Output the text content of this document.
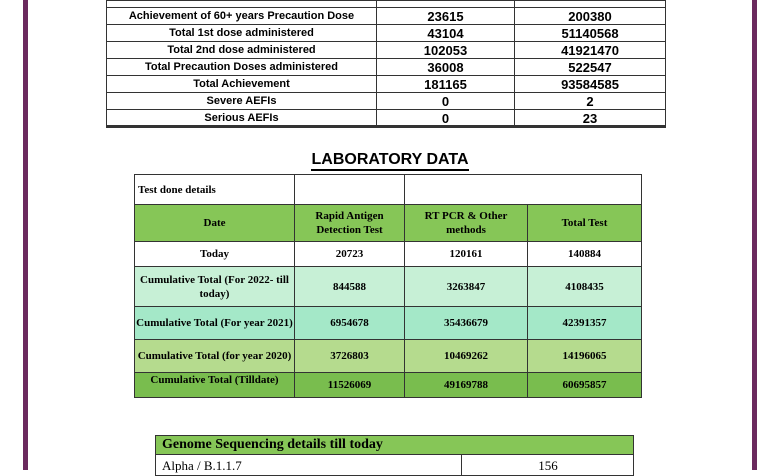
Achievement of 60+ years Precaution Dose	23615	200380
Total 1st dose administered	43104	51140568
Total 2nd dose administered	102053	41921470
Total Precaution Doses administered	36008	522547
Total Achievement	181165	93584585
Severe AEFIs	0	2
Serious AEFIs	0	23
LABORATORY DATA
Test done details			
Date	Rapid Antigen Detection Test	RT PCR & Other methods	Total Test
Today	20723	120161	140884
Cumulative Total (For 2022- till today)	844588	3263847	4108435
Cumulative Total (For year 2021)	6954678	35436679	42391357
Cumulative Total (for year 2020)	3726803	10469262	14196065

Cumulative Total (Tilldate)	11526069	49169788	60695857
Genome Sequencing details till today
Alpha / B.1.1.7	156
